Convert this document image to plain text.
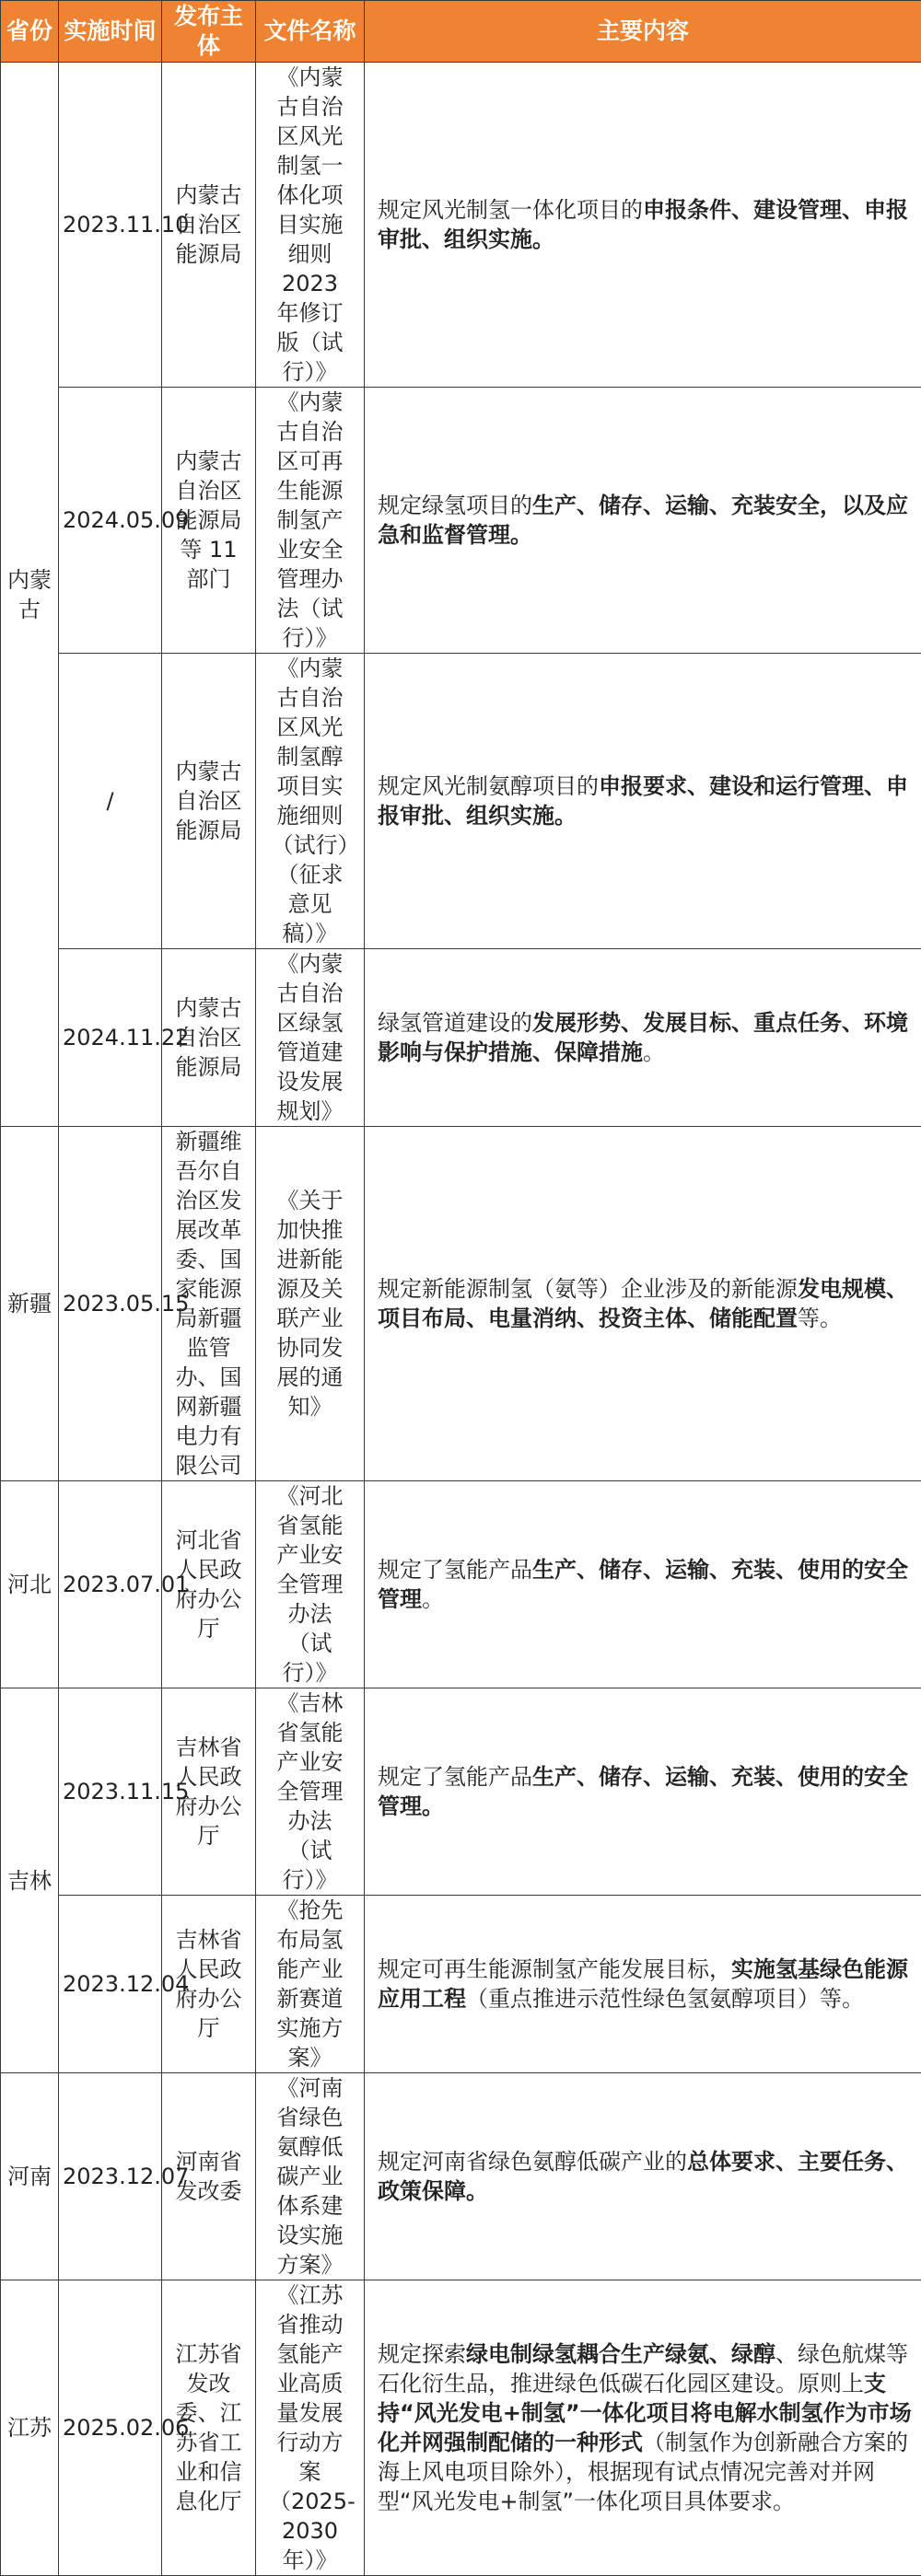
省份	实施时间	发布主体	文件名称	主要内容
内蒙古	2023.11.10	内蒙古自治区能源局	《内蒙古自治区风光制氢一体化项目实施细则2023 年修订版（试行）》	规定风光制氢一体化项目的申报条件、建设管理、申报审批、组织实施。
	2024.05.09	内蒙古自治区能源局等 11 部门	《内蒙古自治区可再生能源制氢产业安全管理办法（试行）》	规定绿氢项目的生产、储存、运输、充装安全，以及应急和监督管理。
	/	内蒙古自治区能源局	《内蒙古自治区风光制氢醇项目实施细则（试行）（征求意见稿）》	规定风光制氨醇项目的申报要求、建设和运行管理、申报审批、组织实施。
	2024.11.22	内蒙古自治区能源局	《内蒙古自治区绿氢管道建设发展规划》	绿氢管道建设的发展形势、发展目标、重点任务、环境影响与保护措施、保障措施。
新疆	2023.05.15	新疆维吾尔自治区发展改革委、国家能源局新疆监管办、国网新疆电力有限公司	《关于加快推进新能源及关联产业协同发展的通知》	规定新能源制氢（氨等）企业涉及的新能源发电规模、项目布局、电量消纳、投资主体、储能配置等。
河北	2023.07.01	河北省人民政府办公厅	《河北省氢能产业安全管理办法（试行）》	规定了氢能产品生产、储存、运输、充装、使用的安全管理。
吉林	2023.11.15	吉林省人民政府办公厅	《吉林省氢能产业安全管理办法（试行）》	规定了氢能产品生产、储存、运输、充装、使用的安全管理。
	2023.12.04	吉林省人民政府办公厅	《抢先布局氢能产业新赛道实施方案》	规定可再生能源制氢产能发展目标，实施氢基绿色能源应用工程（重点推进示范性绿色氢氨醇项目）等。
河南	2023.12.07	河南省发改委	《河南省绿色氨醇低碳产业体系建设实施方案》	规定河南省绿色氨醇低碳产业的总体要求、主要任务、政策保障。
江苏	2025.02.06	江苏省发改委、江苏省工业和信息化厅	《江苏省推动氢能产业高质量发展行动方案（2025-2030 年）》	规定探索绿电制绿氢耦合生产绿氨、绿醇、绿色航煤等石化衍生品，推进绿色低碳石化园区建设。原则上支持“风光发电+制氢”一体化项目将电解水制氢作为市场化并网强制配储的一种形式（制氢作为创新融合方案的海上风电项目除外），根据现有试点情况完善对并网型“风光发电+制氢”一体化项目具体要求。
